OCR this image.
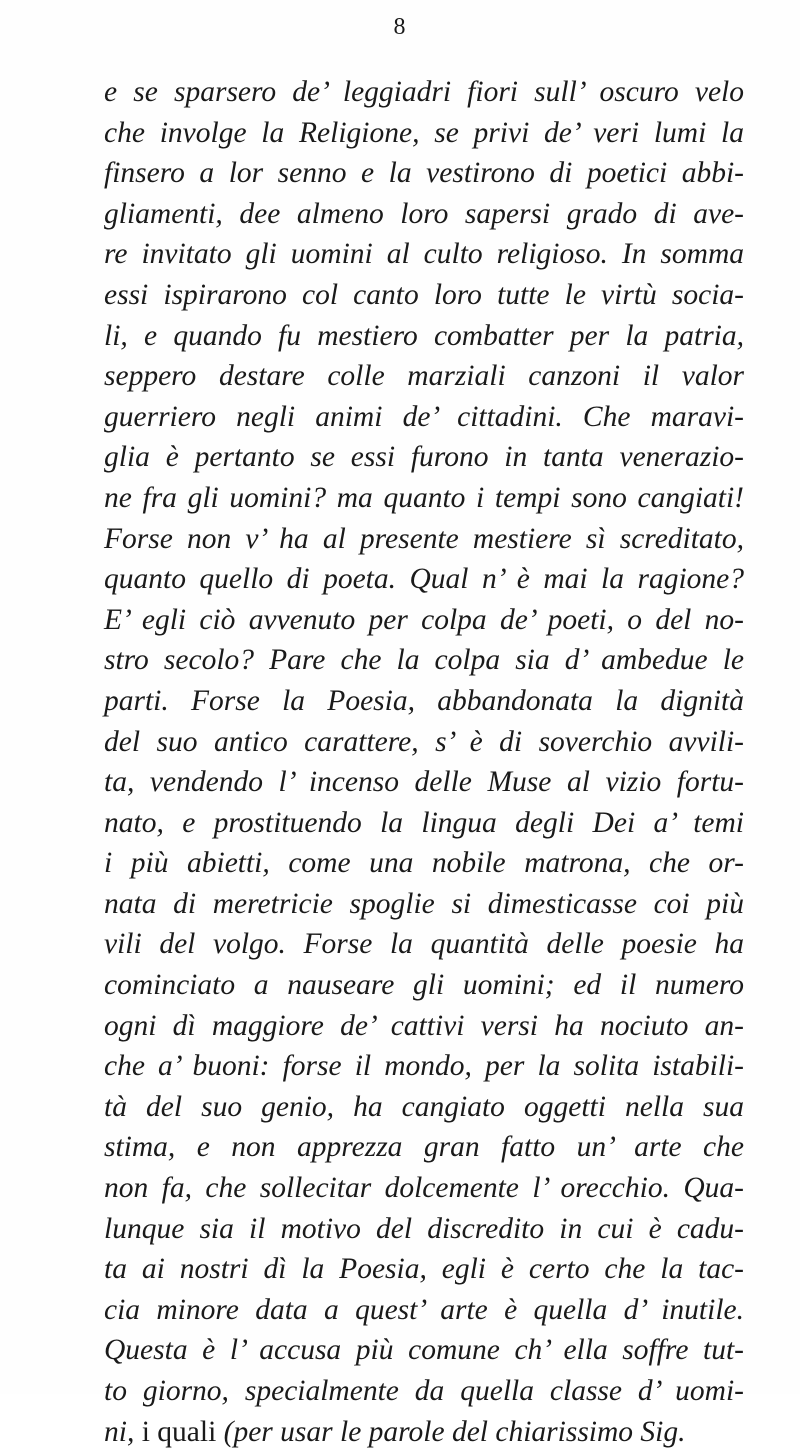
8
e se sparsero de’ leggiadri fiori sull’ oscuro velo
che involge la Religione, se privi de’ veri lumi la
finsero a lor senno e la vestirono di poetici abbi-
gliamenti, dee almeno loro sapersi grado di ave-
re invitato gli uomini al culto religioso. In somma
essi ispirarono col canto loro tutte le virtù socia-
li, e quando fu mestiero combatter per la patria,
seppero destare colle marziali canzoni il valor
guerriero negli animi de’ cittadini. Che maravi-
glia è pertanto se essi furono in tanta venerazio-
ne fra gli uomini? ma quanto i tempi sono cangiati!
Forse non v’ ha al presente mestiere sì screditato,
quanto quello di poeta. Qual n’ è mai la ragione?
E’ egli ciò avvenuto per colpa de’ poeti, o del no-
stro secolo? Pare che la colpa sia d’ ambedue le
parti. Forse la Poesia, abbandonata la dignità
del suo antico carattere, s’ è di soverchio avvili-
ta, vendendo l’ incenso delle Muse al vizio fortu-
nato, e prostituendo la lingua degli Dei a’ temi
i più abietti, come una nobile matrona, che or-
nata di meretricie spoglie si dimesticasse coi più
vili del volgo. Forse la quantità delle poesie ha
cominciato a nauseare gli uomini; ed il numero
ogni dì maggiore de’ cattivi versi ha nociuto an-
che a’ buoni: forse il mondo, per la solita istabili-
tà del suo genio, ha cangiato oggetti nella sua
stima, e non apprezza gran fatto un’ arte che
non fa, che sollecitar dolcemente l’ orecchio. Qua-
lunque sia il motivo del discredito in cui è cadu-
ta ai nostri dì la Poesia, egli è certo che la tac-
cia minore data a quest’ arte è quella d’ inutile.
Questa è l’ accusa più comune ch’ ella soffre tut-
to giorno, specialmente da quella classe d’ uomi-
ni, i quali (per usar le parole del chiarissimo Sig.
